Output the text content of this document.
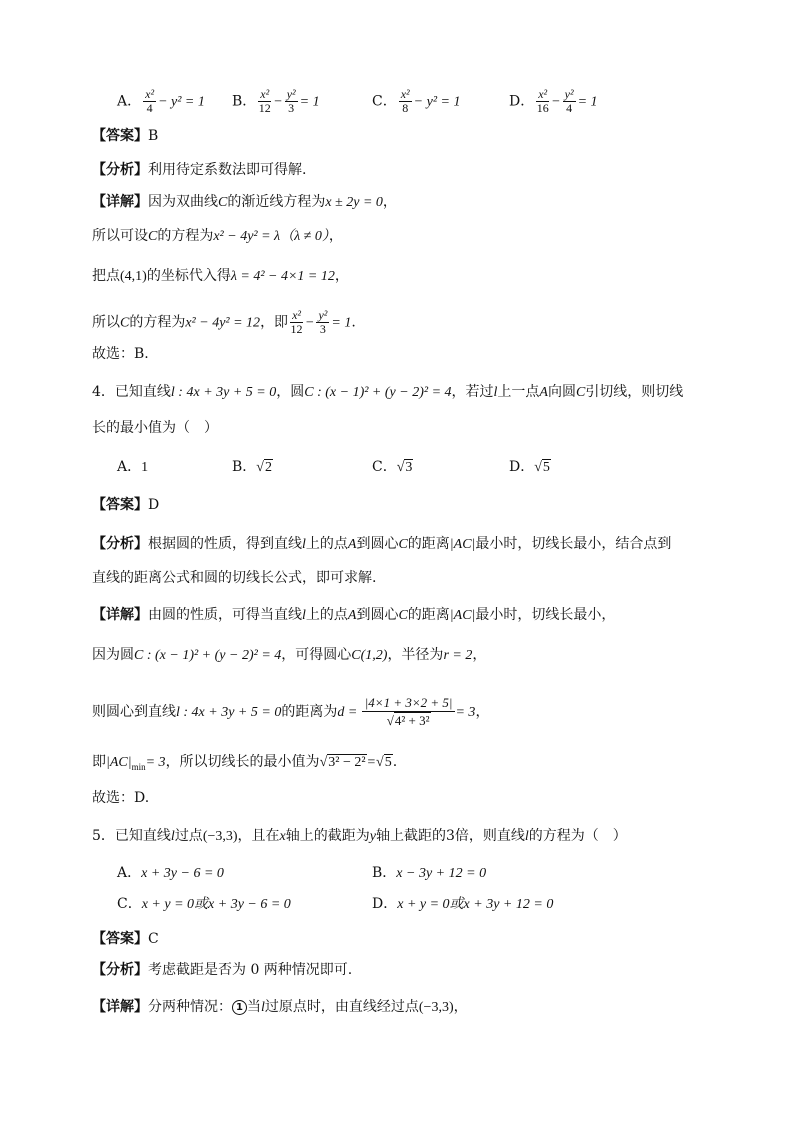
A． $\frac{\text{x²}}{4} - y^2 = 1$ B． $\frac{\text{x²}}{12} - \frac{\text{y²}}{3} = 1$	C． $\frac{\text{x²}}{8} - y^2 = 1$	D． $\frac{\text{x²}}{16} - \frac{\text{y²}}{4} = 1$
【答案】B
【分析】利用待定系数法即可得解.
【详解】因为双曲线C的渐近线方程为x ± 2y = 0，
所以可设C的方程为x² − 4y² = λ（λ ≠ 0），
把点(4,1)的坐标代入得λ = 4² − 4×1 = 12，
所以C的方程为x² − 4y² = 12，即 $\frac{\text{x²}}{12} - \frac{\text{y²}}{3} = 1$.
故选：B.
4．已知直线l : 4x + 3y + 5 = 0，圆C : (x − 1)² + (y − 2)² = 4，若过l上一点A向圆C引切线，则切线
长的最小值为（　）
A．1	B．√2	C．√3	D．√5
【答案】D
【分析】根据圆的性质，得到直线l上的点A到圆心C的距离|AC|最小时，切线长最小，结合点到
直线的距离公式和圆的切线长公式，即可求解.
【详解】由圆的性质，可得当直线l上的点A到圆心C的距离|AC|最小时，切线长最小，
因为圆C : (x − 1)² + (y − 2)² = 4，可得圆心C(1,2)，半径为r = 2，
则圆心到直线l : 4x + 3y + 5 = 0的距离为$d = \frac{|4\times 1 + 3\times 2 + 5|}{\text{√4² + 3²}} = 3$，
即$|AC|_{min}= 3$，所以切线长的最小值为√3² − 2²=√5.
故选：D.
5．已知直线l过点(−3,3)，且在x轴上的截距为y轴上截距的3倍，则直线l的方程为（　）
A．x + 3y − 6 = 0	B．x − 3y + 12 = 0
C．x + y = 0或x + 3y − 6 = 0	D．x + y = 0或x + 3y + 12 = 0
【答案】C
【分析】考虑截距是否为 0 两种情况即可.
【详解】分两种情况： 1 当l过原点时，由直线经过点(−3,3)，
